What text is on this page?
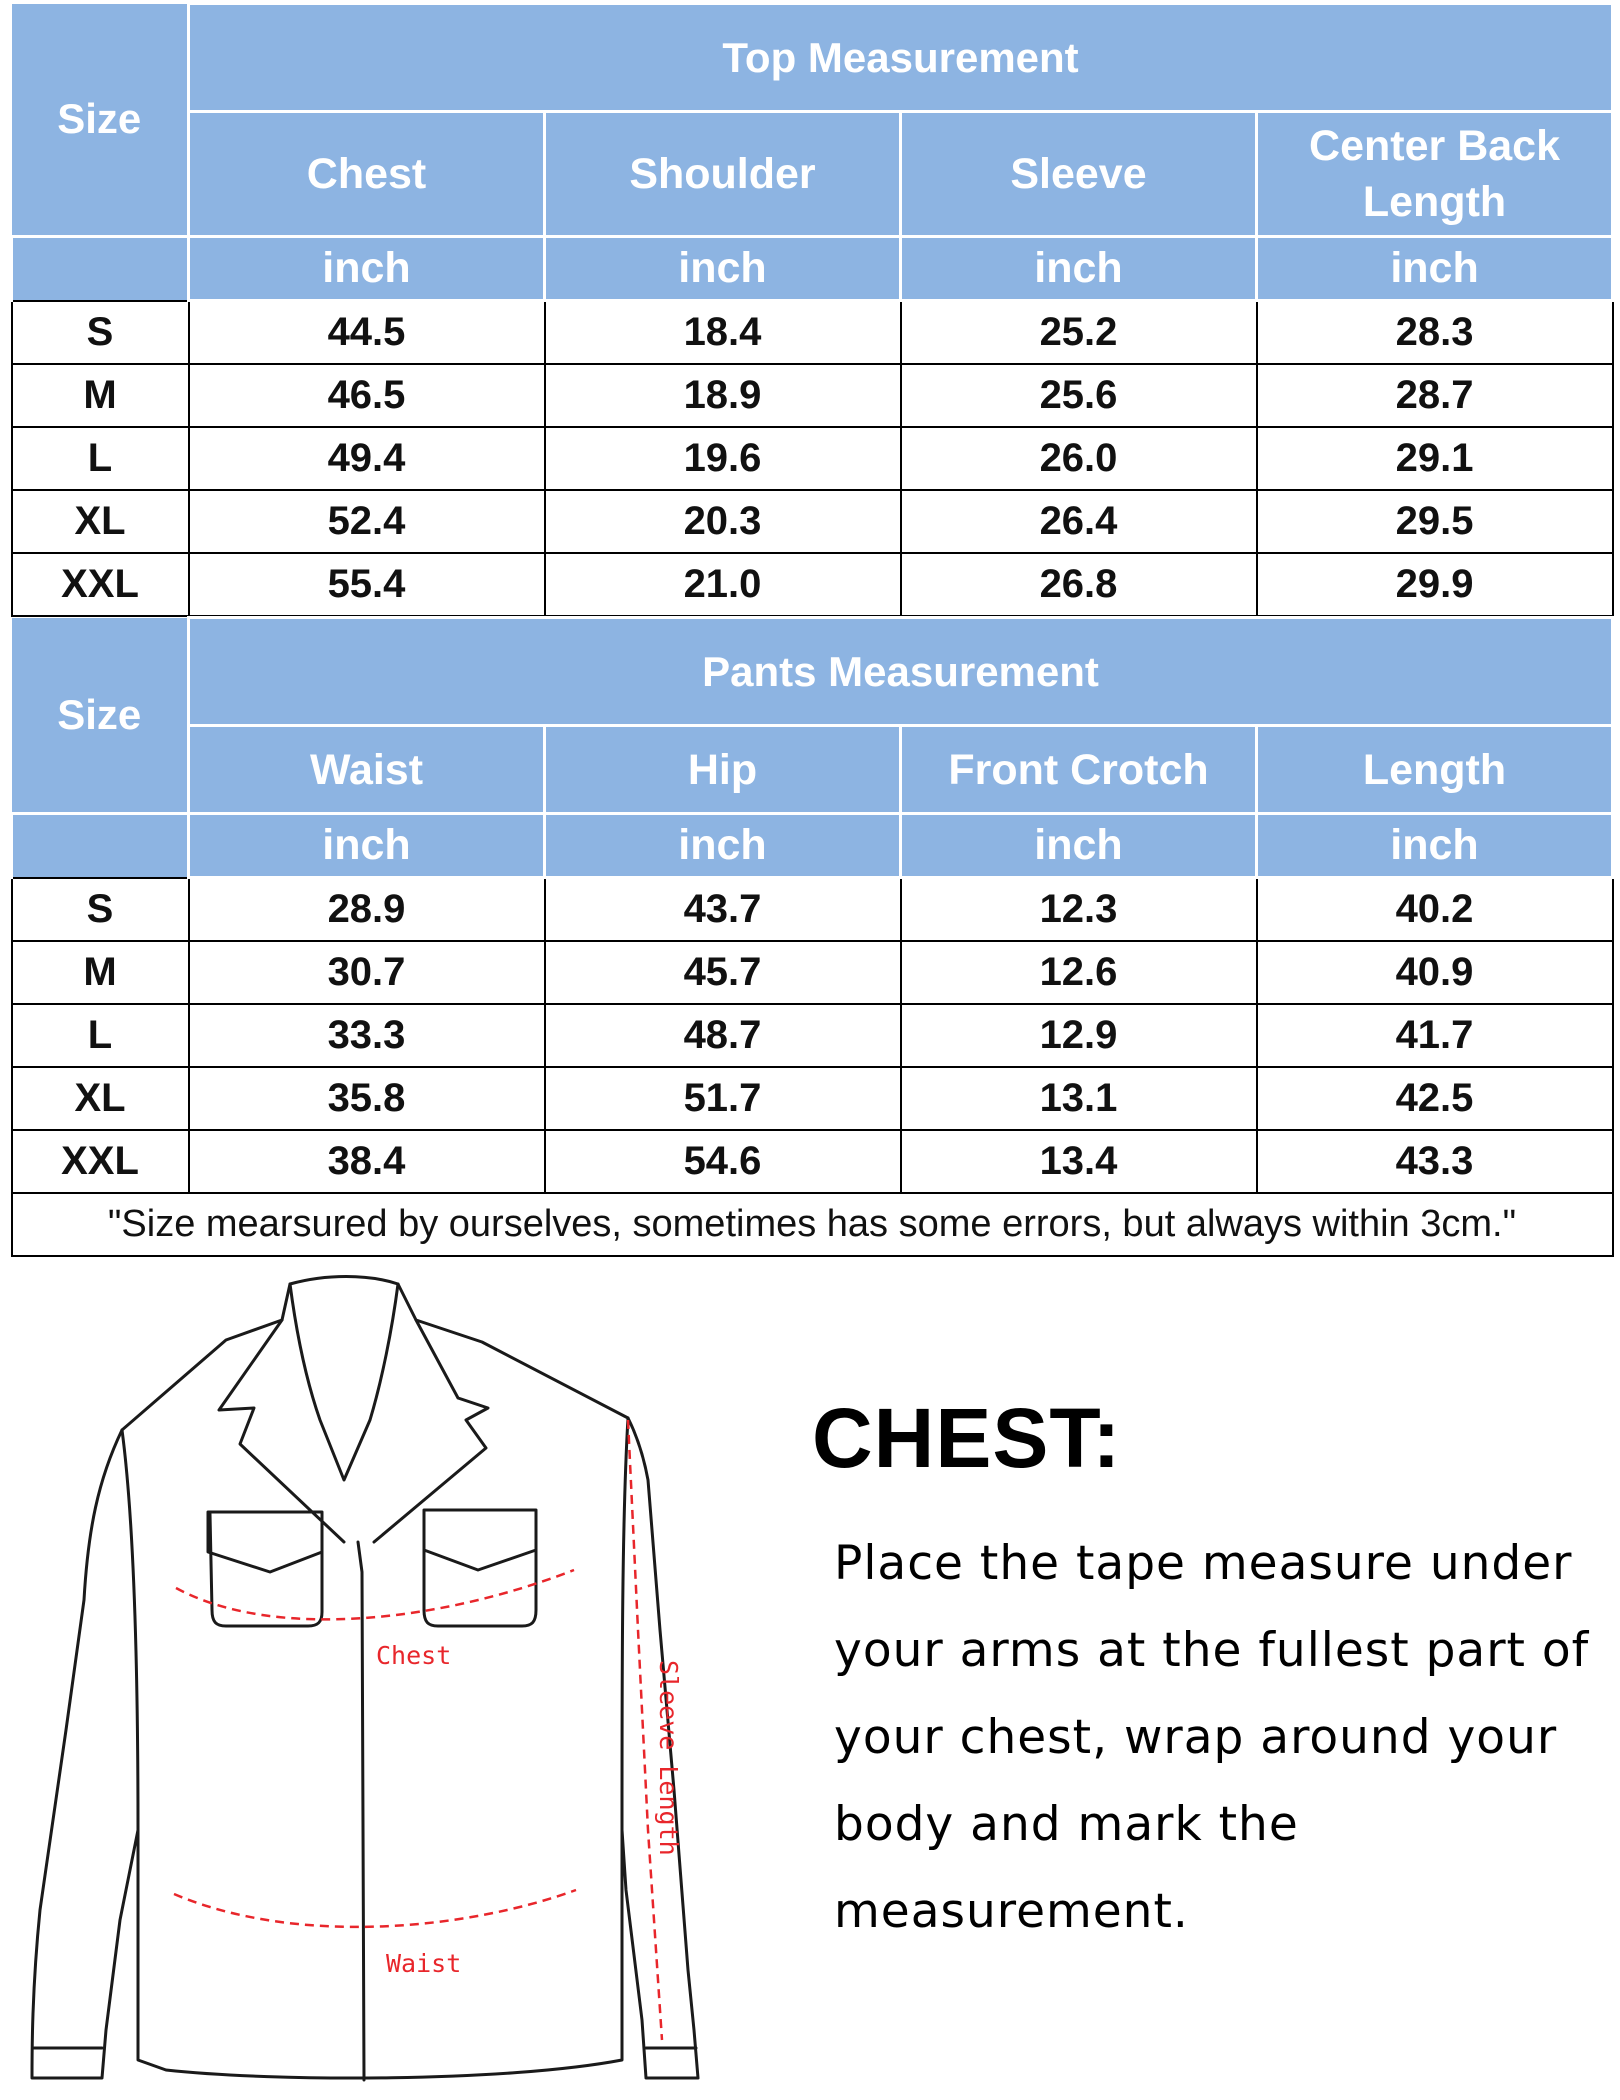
Size	Top Measurement			
	Chest	Shoulder	Sleeve	Center Back Length
	inch	inch	inch	inch
S	44.5	18.4	25.2	28.3
M	46.5	18.9	25.6	28.7
L	49.4	19.6	26.0	29.1
XL	52.4	20.3	26.4	29.5
XXL	55.4	21.0	26.8	29.9
Size	Pants Measurement			
	Waist	Hip	Front Crotch	Length
	inch	inch	inch	inch
S	28.9	43.7	12.3	40.2
M	30.7	45.7	12.6	40.9
L	33.3	48.7	12.9	41.7
XL	35.8	51.7	13.1	42.5
XXL	38.4	54.6	13.4	43.3
"Size mearsured by ourselves, sometimes has some errors, but always within 3cm."				
Chest
Waist
Sleeve Length
CHEST:
Place the tape measure under your arms at the fullest part of your chest, wrap around your body and mark the measurement.
